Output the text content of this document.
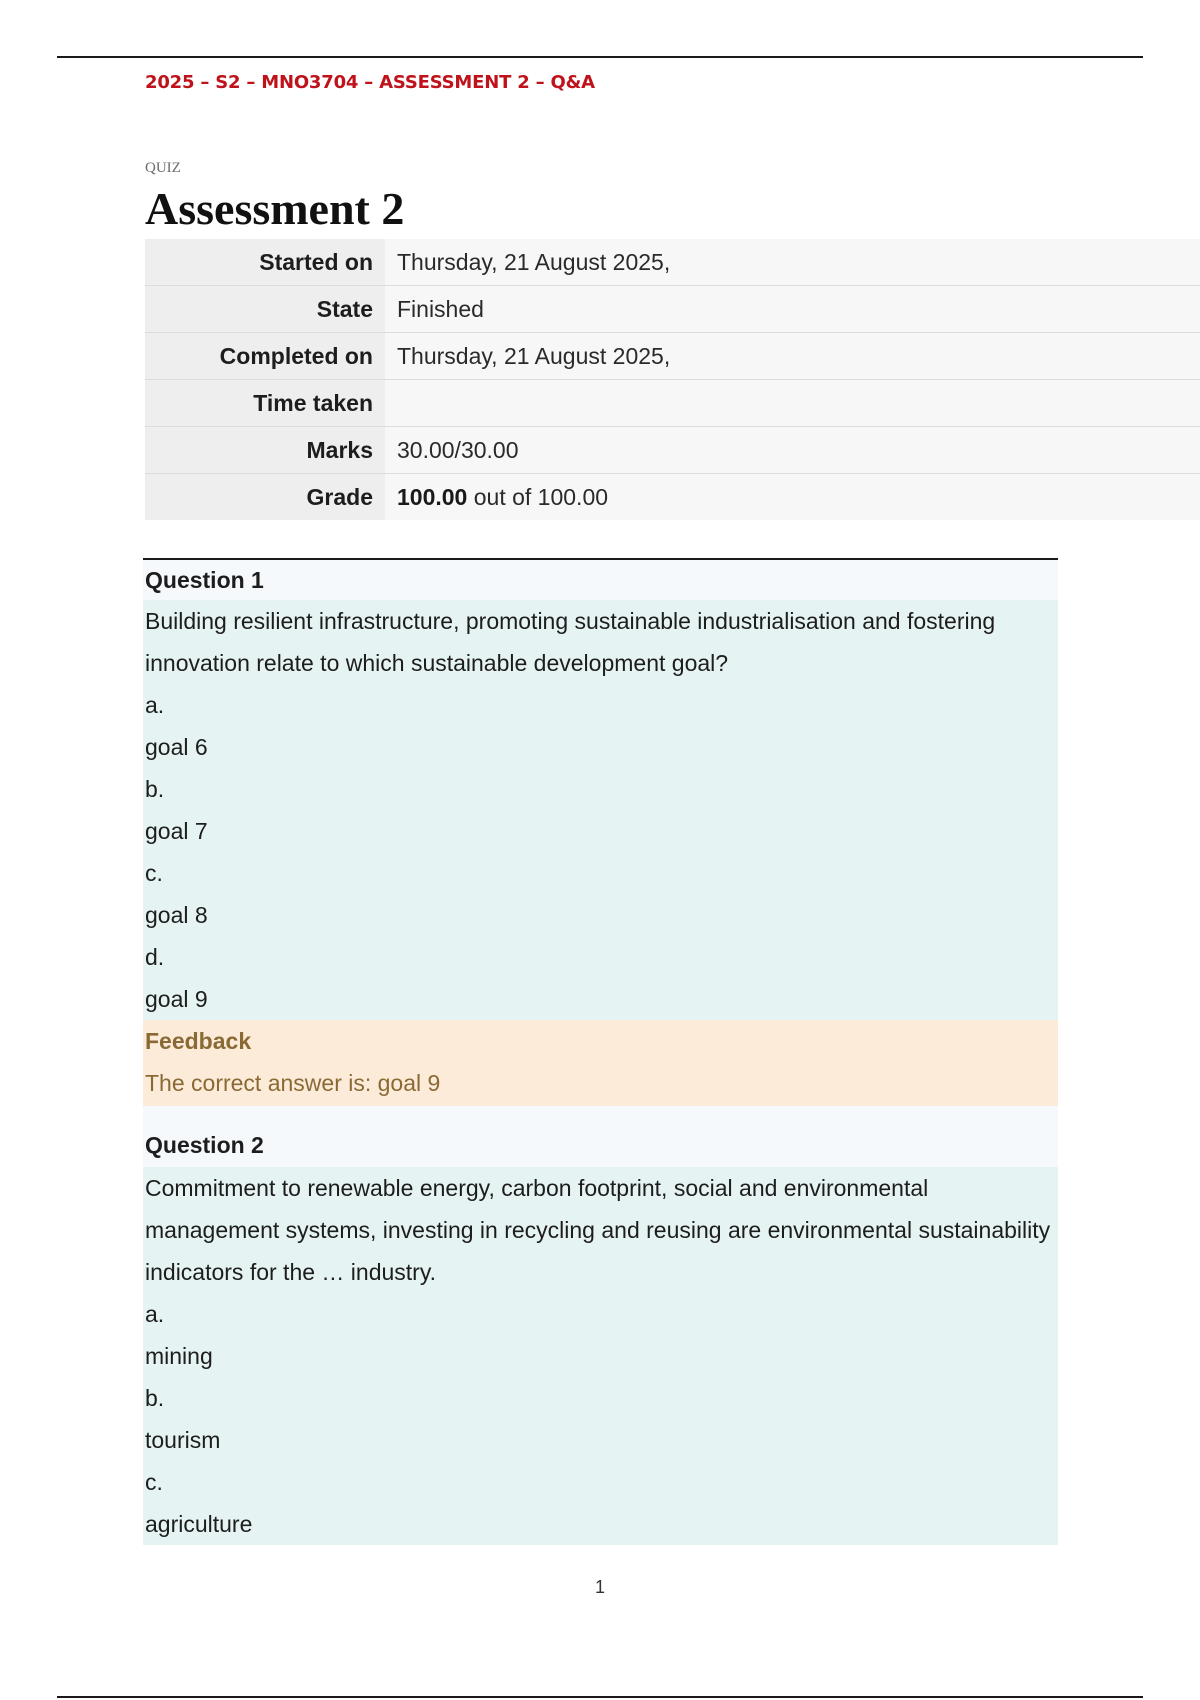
2025 – S2 – MNO3704 – ASSESSMENT 2 – Q&A
QUIZ
Assessment 2
Started on	Thursday, 21 August 2025,
State	Finished
Completed on	Thursday, 21 August 2025,
Time taken	
Marks	30.00/30.00
Grade	100.00 out of 100.00
Question 1

Building resilient infrastructure, promoting sustainable industrialisation and fostering innovation relate to which sustainable development goal?

a.
goal 6
b.
goal 7
c.
goal 8
d.
goal 9
Feedback
The correct answer is: goal 9
Question 2

Commitment to renewable energy, carbon footprint, social and environmental management systems, investing in recycling and reusing are environmental sustainability indicators for the … industry.

a.
mining
b.
tourism
c.
agriculture
1
